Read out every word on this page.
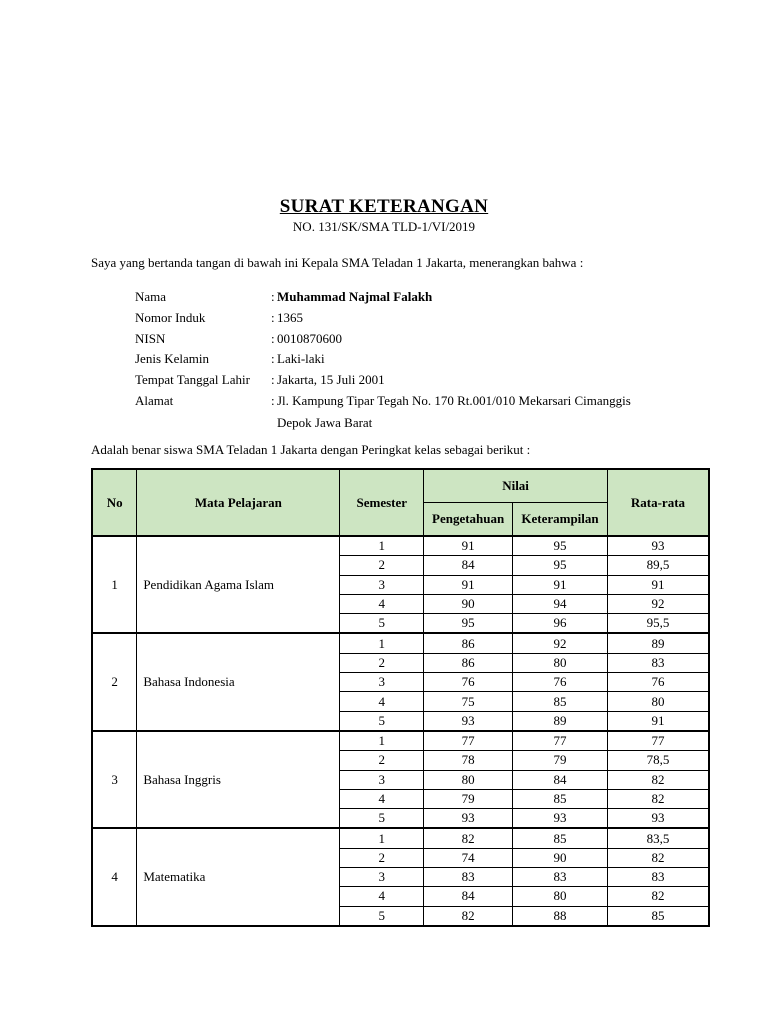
SURAT KETERANGAN
NO. 131/SK/SMA TLD-1/VI/2019
Saya yang bertanda tangan di bawah ini Kepala SMA Teladan 1 Jakarta, menerangkan bahwa :
Nama	: Muhammad Najmal Falakh
Nomor Induk	: 1365
NISN	: 0010870600
Jenis Kelamin	: Laki-laki
Tempat Tanggal Lahir	: Jakarta, 15 Juli 2001
Alamat	: Jl. Kampung Tipar Tegah No. 170 Rt.001/010 Mekarsari Cimanggis
Depok Jawa Barat
Adalah benar siswa SMA Teladan 1 Jakarta dengan Peringkat kelas sebagai berikut :
No	Mata Pelajaran	Semester	Nilai		Rata-rata
			Pengetahuan	Keterampilan	
1	Pendidikan Agama Islam	1	91	95	93
		2	84	95	89,5
		3	91	91	91
		4	90	94	92
		5	95	96	95,5
2	Bahasa Indonesia	1	86	92	89
		2	86	80	83
		3	76	76	76
		4	75	85	80
		5	93	89	91
3	Bahasa Inggris	1	77	77	77
		2	78	79	78,5
		3	80	84	82
		4	79	85	82
		5	93	93	93
4	Matematika	1	82	85	83,5
		2	74	90	82
		3	83	83	83
		4	84	80	82
		5	82	88	85
